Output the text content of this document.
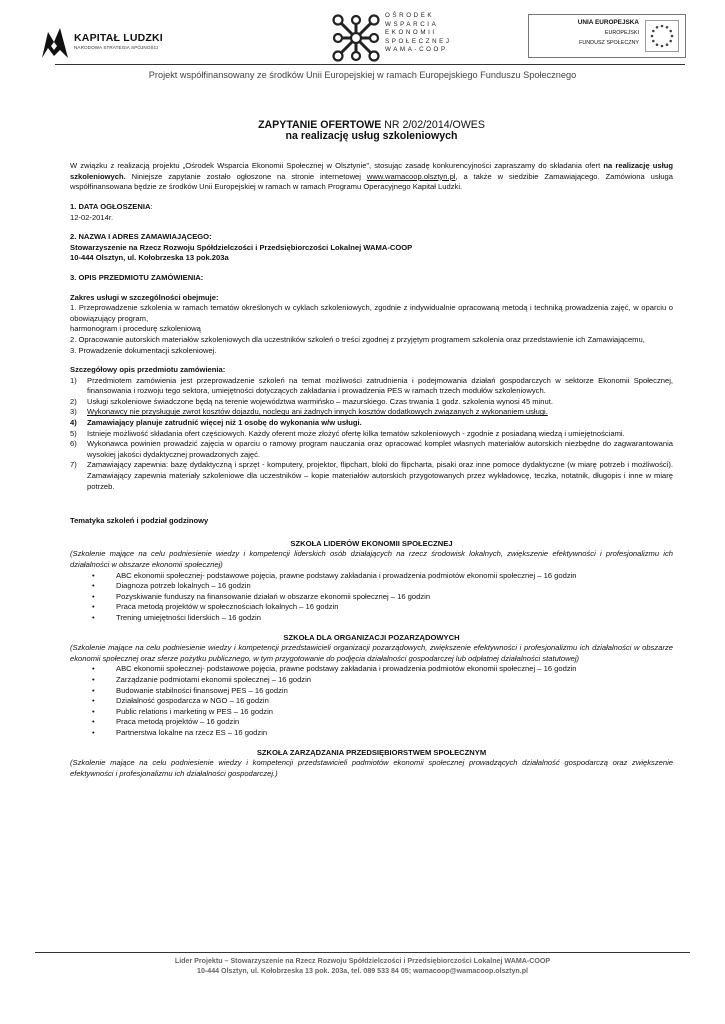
KAPITAŁ LUDZKI
NARODOWA STRATEGIA SPÓJNOŚCI
OŚRODEK
WSPARCIA
EKONOMII
SPOŁECZNEJ
WAMA-COOP
UNIA EUROPEJSKA
EUROPEJSKI
FUNDUSZ SPOŁECZNY
Projekt współfinansowany ze środków Unii Europejskiej w ramach Europejskiego Funduszu Społecznego

ZAPYTANIE OFERTOWE NR 2/02/2014/OWES

na realizację usług szkoleniowych

W związku z realizacją projektu „Ośrodek Wsparcia Ekonomii Społecznej w Olsztynie”, stosując zasadę konkurencyjności zapraszamy do składania ofert na realizację usług szkoleniowych. Niniejsze zapytanie zostało ogłoszone na stronie internetowej www.wamacoop.olsztyn.pl, a także w siedzibie Zamawiającego. Zamówiona usługa współfinansowana będzie ze środków Unii Europejskiej w ramach w ramach Programu Operacyjnego Kapitał Ludzki.

1. DATA OGŁOSZENIA:

12-02-2014r.

2. NAZWA I ADRES ZAMAWIAJĄCEGO:

Stowarzyszenie na Rzecz Rozwoju Spółdzielczości i Przedsiębiorczości Lokalnej WAMA-COOP

10-444 Olsztyn, ul. Kołobrzeska 13 pok.203a

3. OPIS PRZEDMIOTU ZAMÓWIENIA:

Zakres usługi w szczególności obejmuje:

1. Przeprowadzenie szkolenia w ramach tematów określonych w cyklach szkoleniowych, zgodnie z indywidualnie opracowaną metodą i techniką prowadzenia zajęć, w oparciu o obowiązujący program,

harmonogram i procedurę szkoleniową

2. Opracowanie autorskich materiałów szkoleniowych dla uczestników szkoleń o treści zgodnej z przyjętym programem szkolenia oraz przedstawienie ich Zamawiającemu,

3. Prowadzenie dokumentacji szkoleniowej.

Szczegółowy opis przedmiotu zamówienia:

1) Przedmiotem zamówienia jest przeprowadzenie szkoleń na temat możliwości zatrudnienia i podejmowania działań gospodarczych w sektorze Ekonomii Społecznej, finansowania i rozwoju tego sektora, umiejętności dotyczących zakładania i prowadzenia PES w ramach trzech modułów szkoleniowych.
2) Usługi szkoleniowe świadczone będą na terenie województwa warmińsko – mazurskiego. Czas trwania 1 godz. szkolenia wynosi 45 minut.
3) Wykonawcy nie przysługuje zwrot kosztów dojazdu, noclegu ani żadnych innych kosztów dodatkowych związanych z wykonaniem usługi.
4) Zamawiający planuje zatrudnić więcej niż 1 osobę do wykonania w/w usługi.
5) Istnieje możliwość składania ofert częściowych. Każdy oferent może złożyć ofertę kilka tematów szkoleniowych - zgodnie z posiadaną wiedzą i umiejętnościami.
6) Wykonawca powinien prowadzić zajęcia w oparciu o ramowy program nauczania oraz opracować komplet własnych materiałów autorskich niezbędne do zagwarantowania wysokiej jakości dydaktycznej prowadzonych zajęć.
7) Zamawiający zapewnia: bazę dydaktyczną i sprzęt - komputery, projektor, flipchart, bloki do flipcharta, pisaki oraz inne pomoce dydaktyczne (w miarę potrzeb i możliwości). Zamawiający zapewnia materiały szkoleniowe dla uczestników – kopie materiałów autorskich przygotowanych przez wykładowcę, teczka, notatnik, długopis i inne w miarę potrzeb.

Tematyka szkoleń i podział godzinowy

SZKOŁA LIDERÓW EKONOMII SPOŁECZNEJ

(Szkolenie mające na celu podniesienie wiedzy i kompetencji liderskich osób działających na rzecz środowisk lokalnych, zwiększenie efektywności i profesjonalizmu ich działalności w obszarze ekonomii społecznej)

•	ABC ekonomii społecznej- podstawowe pojęcia, prawne podstawy zakładania i prowadzenia podmiotów ekonomii społecznej – 16 godzin
•	Diagnoza potrzeb lokalnych – 16 godzin
•	Pozyskiwanie funduszy na finansowanie działań w obszarze ekonomii społecznej – 16 godzin
•	Praca metodą projektów w społecznościach lokalnych – 16 godzin
•	Trening umiejętności liderskich – 16 godzin

SZKOŁA DLA ORGANIZACJI POZARZĄDOWYCH

(Szkolenie mające na celu podniesienie wiedzy i kompetencji przedstawicieli organizacji pozarządowych, zwiększenie efektywności i profesjonalizmu ich działalności w obszarze ekonomii społecznej oraz sferze pożytku publicznego, w tym przygotowanie do podjęcia działalności gospodarczej lub odpłatnej działalności statutowej)

•	ABC ekonomii społecznej- podstawowe pojęcia, prawne podstawy zakładania i prowadzenia podmiotów ekonomii społecznej – 16 godzin
•	Zarządzanie podmiotami ekonomii społecznej – 16 godzin
•	Budowanie stabilności finansowej PES – 16 godzin
•	Działalność gospodarcza w NGO – 16 godzin
•	Public relations i marketing w PES – 16 godzin
•	Praca metodą projektów – 16 godzin
•	Partnerstwa lokalne na rzecz ES – 16 godzin

SZKOŁA ZARZĄDZANIA PRZEDSIĘBIORSTWEM SPOŁECZNYM

(Szkolenie mające na celu podniesienie wiedzy i kompetencji przedstawicieli podmiotów ekonomii społecznej prowadzących działalność gospodarczą oraz zwiększenie efektywności i profesjonalizmu ich działalności gospodarczej.)

Lider Projektu – Stowarzyszenie na Rzecz Rozwoju Spółdzielczości i Przedsiębiorczości Lokalnej WAMA-COOP
10-444 Olsztyn, ul. Kołobrzeska 13 pok. 203a, tel. 089 533 84 05; wamacoop@wamacoop.olsztyn.pl
